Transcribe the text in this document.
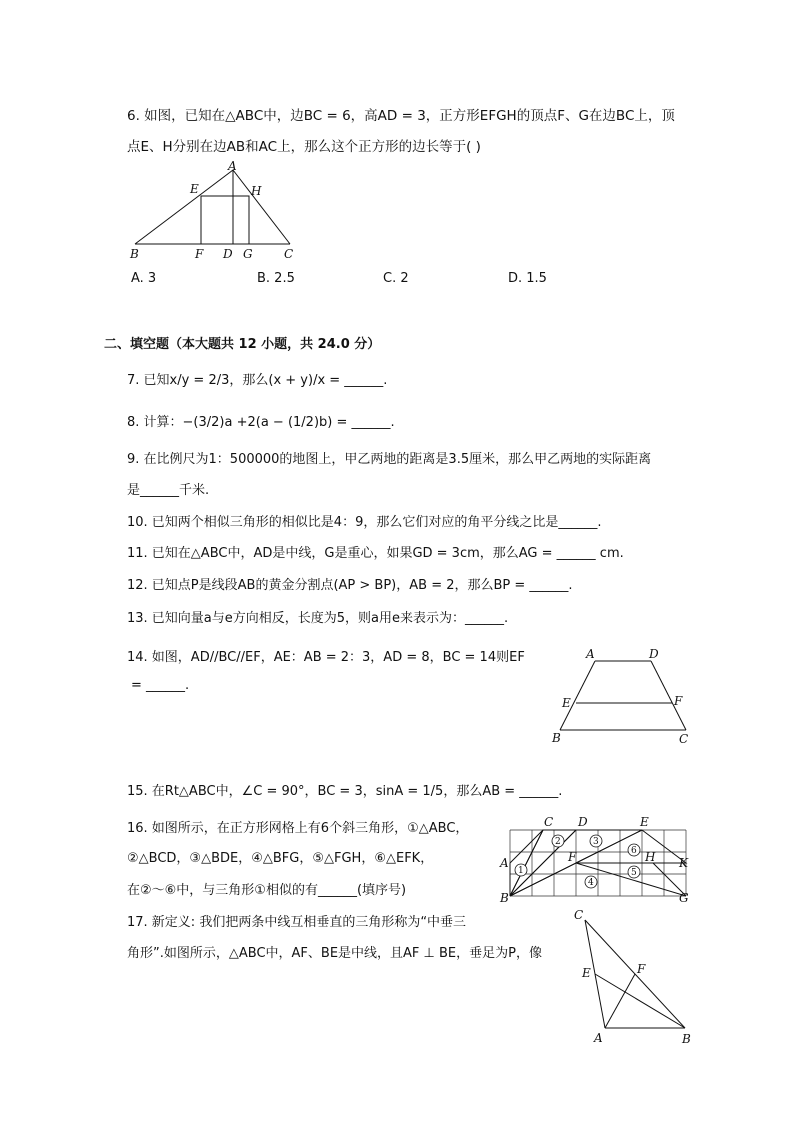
6. 如图，已知在△ABC中，边BC = 6，高AD = 3，正方形EFGH的顶点F、G在边BC上，顶
点E、H分别在边AB和AC上，那么这个正方形的边长等于( )
A
E	H
B	F D G	C
A. 3	B. 2.5	C. 2	D. 1.5
二、填空题（本大题共 12 小题，共 24.0 分）
7. 已知x/y = 2/3，那么(x + y)/x = ______.
8. 计算：−(3/2)a +2(a − (1/2)b) = ______.
9. 在比例尺为1：500000的地图上，甲乙两地的距离是3.5厘米，那么甲乙两地的实际距离
是______千米.
10. 已知两个相似三角形的相似比是4：9，那么它们对应的角平分线之比是______.
11. 已知在△ABC中，AD是中线，G是重心，如果GD = 3cm，那么AG = ______ cm.
12. 已知点P是线段AB的黄金分割点(AP > BP)，AB = 2，那么BP = ______.
13. 已知向量a与e方向相反，长度为5，则a用e来表示为：______.
14. 如图，AD//BC//EF，AE：AB = 2：3，AD = 8，BC = 14则EF
= ______.
A	D
E	F
B	C
15. 在Rt△ABC中，∠C = 90°，BC = 3，sinA = 1/5，那么AB = ______.
16. 如图所示，在正方形网格上有6个斜三角形，①△ABC，
②△BCD，③△BDE，④△BFG，⑤△FGH，⑥△EFK，
在②～⑥中，与三角形①相似的有______(填序号)
1
2	3
4
5
6
A
B
C D	E
F
G
H K
17. 新定义: 我们把两条中线互相垂直的三角形称为“中垂三
角形”.如图所示，△ABC中，AF、BE是中线，且AF ⊥ BE，垂足为P，像
C
E	F
A	B
